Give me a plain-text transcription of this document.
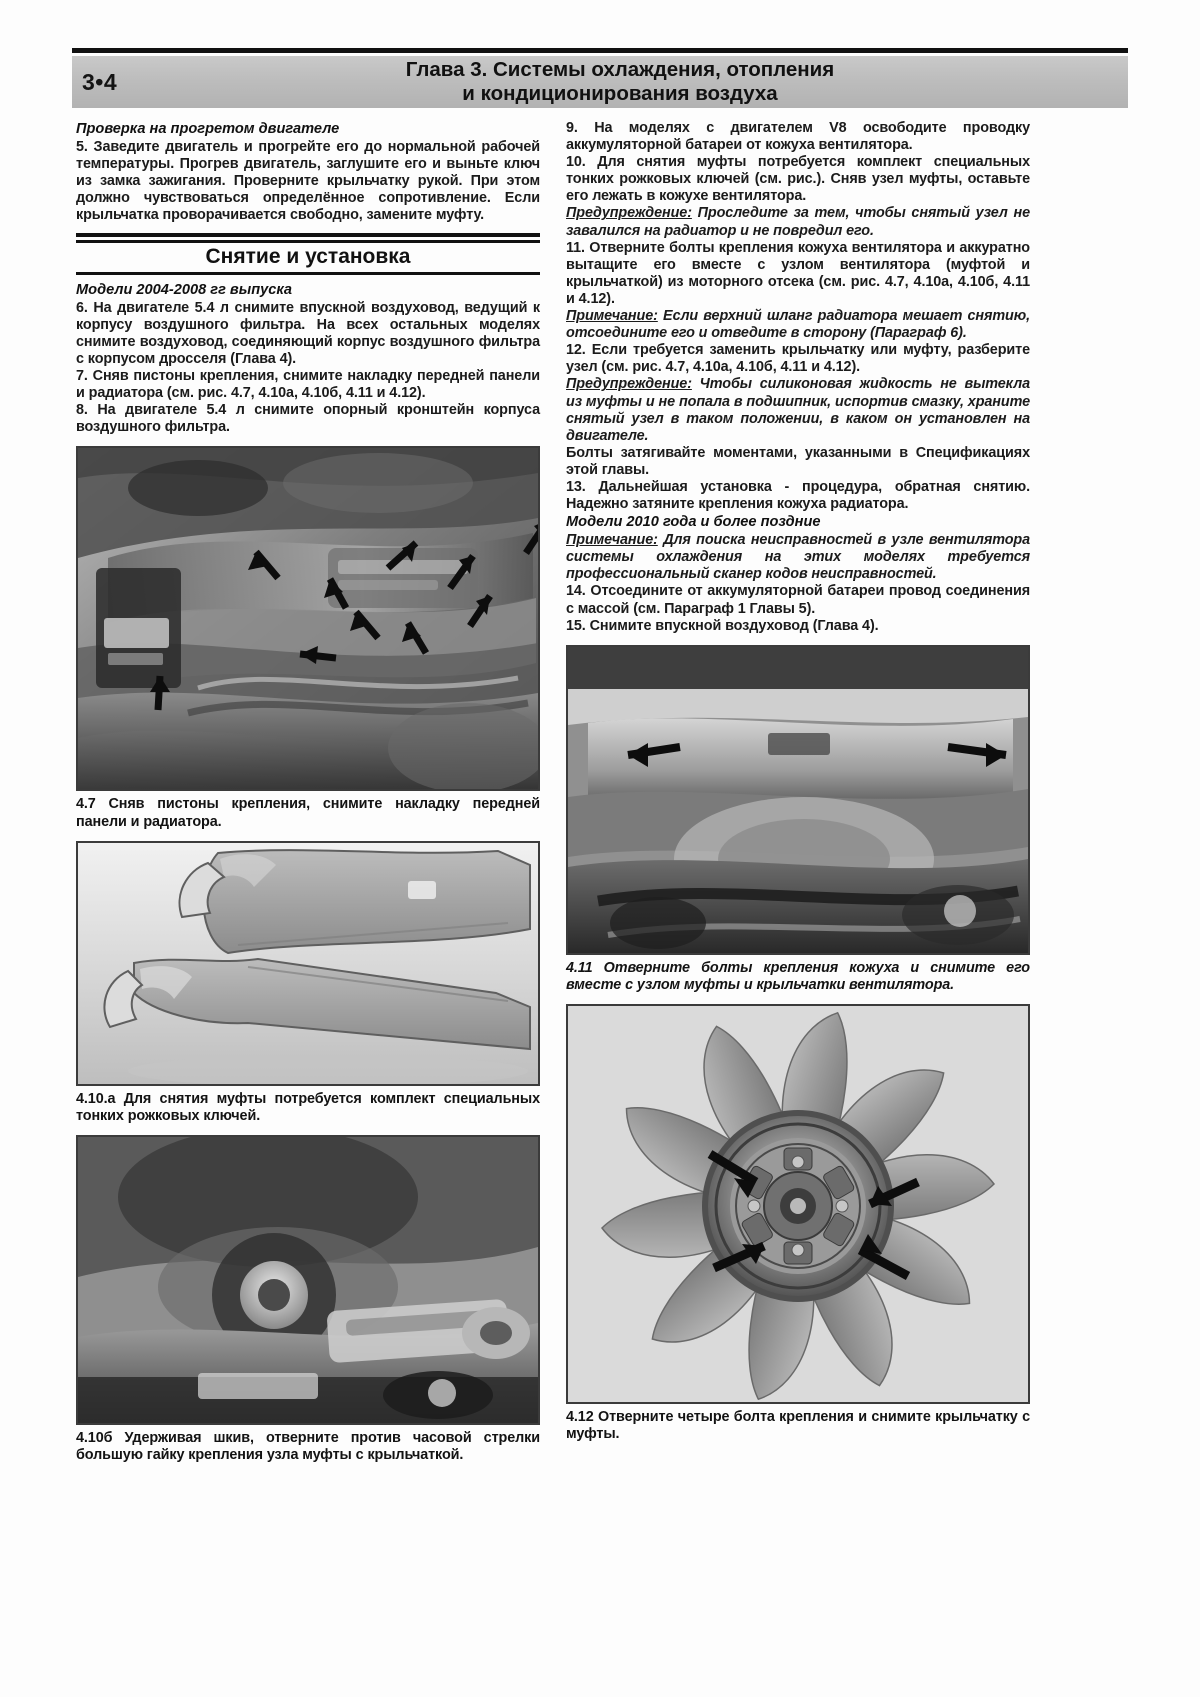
3•4	Глава 3. Системы охлаждения, отопления
и кондиционирования воздуха
Проверка на прогретом двигателе

5. Заведите двигатель и прогрейте его до нормальной рабочей температуры. Прогрев двигатель, заглушите его и выньте ключ из замка зажигания. Проверните крыльчатку рукой. При этом должно чувствоваться определённое сопротивление. Если крыльчатка проворачивается свободно, замените муфту.

Снятие и установка
Модели 2004-2008 гг выпуска

6. На двигателе 5.4 л снимите впускной воздуховод, ведущий к корпусу воздушного фильтра. На всех остальных моделях снимите воздуховод, соединяющий корпус воздушного фильтра с корпусом дросселя (Глава 4).

7. Сняв пистоны крепления, снимите накладку передней панели и радиатора (см. рис. 4.7, 4.10а, 4.10б, 4.11 и 4.12).

8. На двигателе 5.4 л снимите опорный кронштейн корпуса воздушного фильтра.

4.7 Сняв пистоны крепления, снимите накладку передней панели и радиатора.
4.10.а Для снятия муфты потребуется комплект специальных тонких рожковых ключей.
4.10б Удерживая шкив, отверните против часовой стрелки большую гайку крепления узла муфты с крыльчаткой.

9. На моделях с двигателем V8 освободите проводку аккумуляторной батареи от кожуха вентилятора.

10. Для снятия муфты потребуется комплект специальных тонких рожковых ключей (см. рис.). Сняв узел муфты, оставьте его лежать в кожухе вентилятора.

Предупреждение: Проследите за тем, чтобы снятый узел не завалился на радиатор и не повредил его.

11. Отверните болты крепления кожуха вентилятора и аккуратно вытащите его вместе с узлом вентилятора (муфтой и крыльчаткой) из моторного отсека (см. рис. 4.7, 4.10а, 4.10б, 4.11 и 4.12).

Примечание: Если верхний шланг радиатора мешает снятию, отсоедините его и отведите в сторону (Параграф 6).

12. Если требуется заменить крыльчатку или муфту, разберите узел (см. рис. 4.7, 4.10а, 4.10б, 4.11 и 4.12).

Предупреждение: Чтобы силиконовая жидкость не вытекла из муфты и не попала в подшипник, испортив смазку, храните снятый узел в таком положении, в каком он установлен на двигателе.

Болты затягивайте моментами, указанными в Спецификациях этой главы.

13. Дальнейшая установка - процедура, обратная снятию. Надежно затяните крепления кожуха радиатора.

Модели 2010 года и более поздние

Примечание: Для поиска неисправностей в узле вентилятора системы охлаждения на этих моделях требуется профессиональный сканер кодов неисправностей.

14. Отсоедините от аккумуляторной батареи провод соединения с массой (см. Параграф 1 Главы 5).

15. Снимите впускной воздуховод (Глава 4).

4.11 Отверните болты крепления кожуха и снимите его вместе с узлом муфты и крыльчатки вентилятора.
4.12 Отверните четыре болта крепления и снимите крыльчатку с муфты.
